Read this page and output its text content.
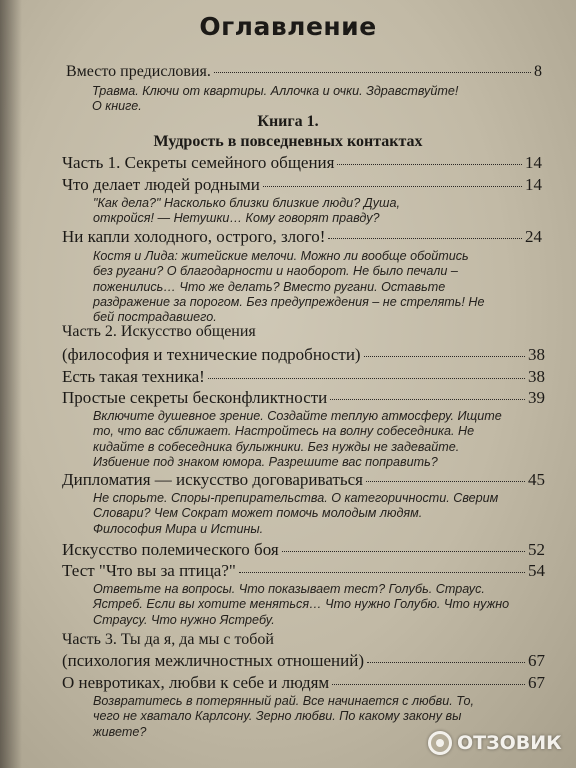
Оглавление
Вместо предисловия.	8
Травма. Ключи от квартиры. Аллочка и очки. Здравствуйте!
О книге.
Книга 1.
Мудрость в повседневных контактах
Часть 1. Секреты семейного общения	14
Что делает людей родными	14
"Как дела?" Насколько близки близкие люди? Душа,
откройся! — Нетушки… Кому говорят правду?
Ни капли холодного, острого, злого!	24
Костя и Лида: житейские мелочи. Можно ли вообще обойтись
без ругани? О благодарности и наоборот. Не было печали –
поженились… Что же делать? Вместо ругани. Оставьте
раздражение за порогом. Без предупреждения – не стрелять! Не
бей пострадавшего.
Часть 2. Искусство общения
(философия и технические подробности)	38
Есть такая техника!	38
Простые секреты бесконфликтности	39
Включите душевное зрение. Создайте теплую атмосферу. Ищите
то, что вас сближает. Настройтесь на волну собеседника. Не
кидайте в собеседника булыжники. Без нужды не задевайте.
Избиение под знаком юмора. Разрешите вас поправить?
Дипломатия — искусство договариваться	45
Не спорьте. Споры-препирательства. О категоричности. Сверим
Словари? Чем Сократ может помочь молодым людям.
Философия Мира и Истины.
Искусство полемического боя	52
Тест "Что вы за птица?"	54
Ответьте на вопросы. Что показывает тест? Голубь. Страус.
Ястреб. Если вы хотите меняться… Что нужно Голубю. Что нужно
Страусу. Что нужно Ястребу.
Часть 3. Ты да я, да мы с тобой
(психология межличностных отношений)	67
О невротиках, любви к себе и людям	67
Возвратитесь в потерянный рай. Все начинается с любви. То,
чего не хватало Карлсону. Зерно любви. По какому закону вы
живете?
ОТЗОВИК
